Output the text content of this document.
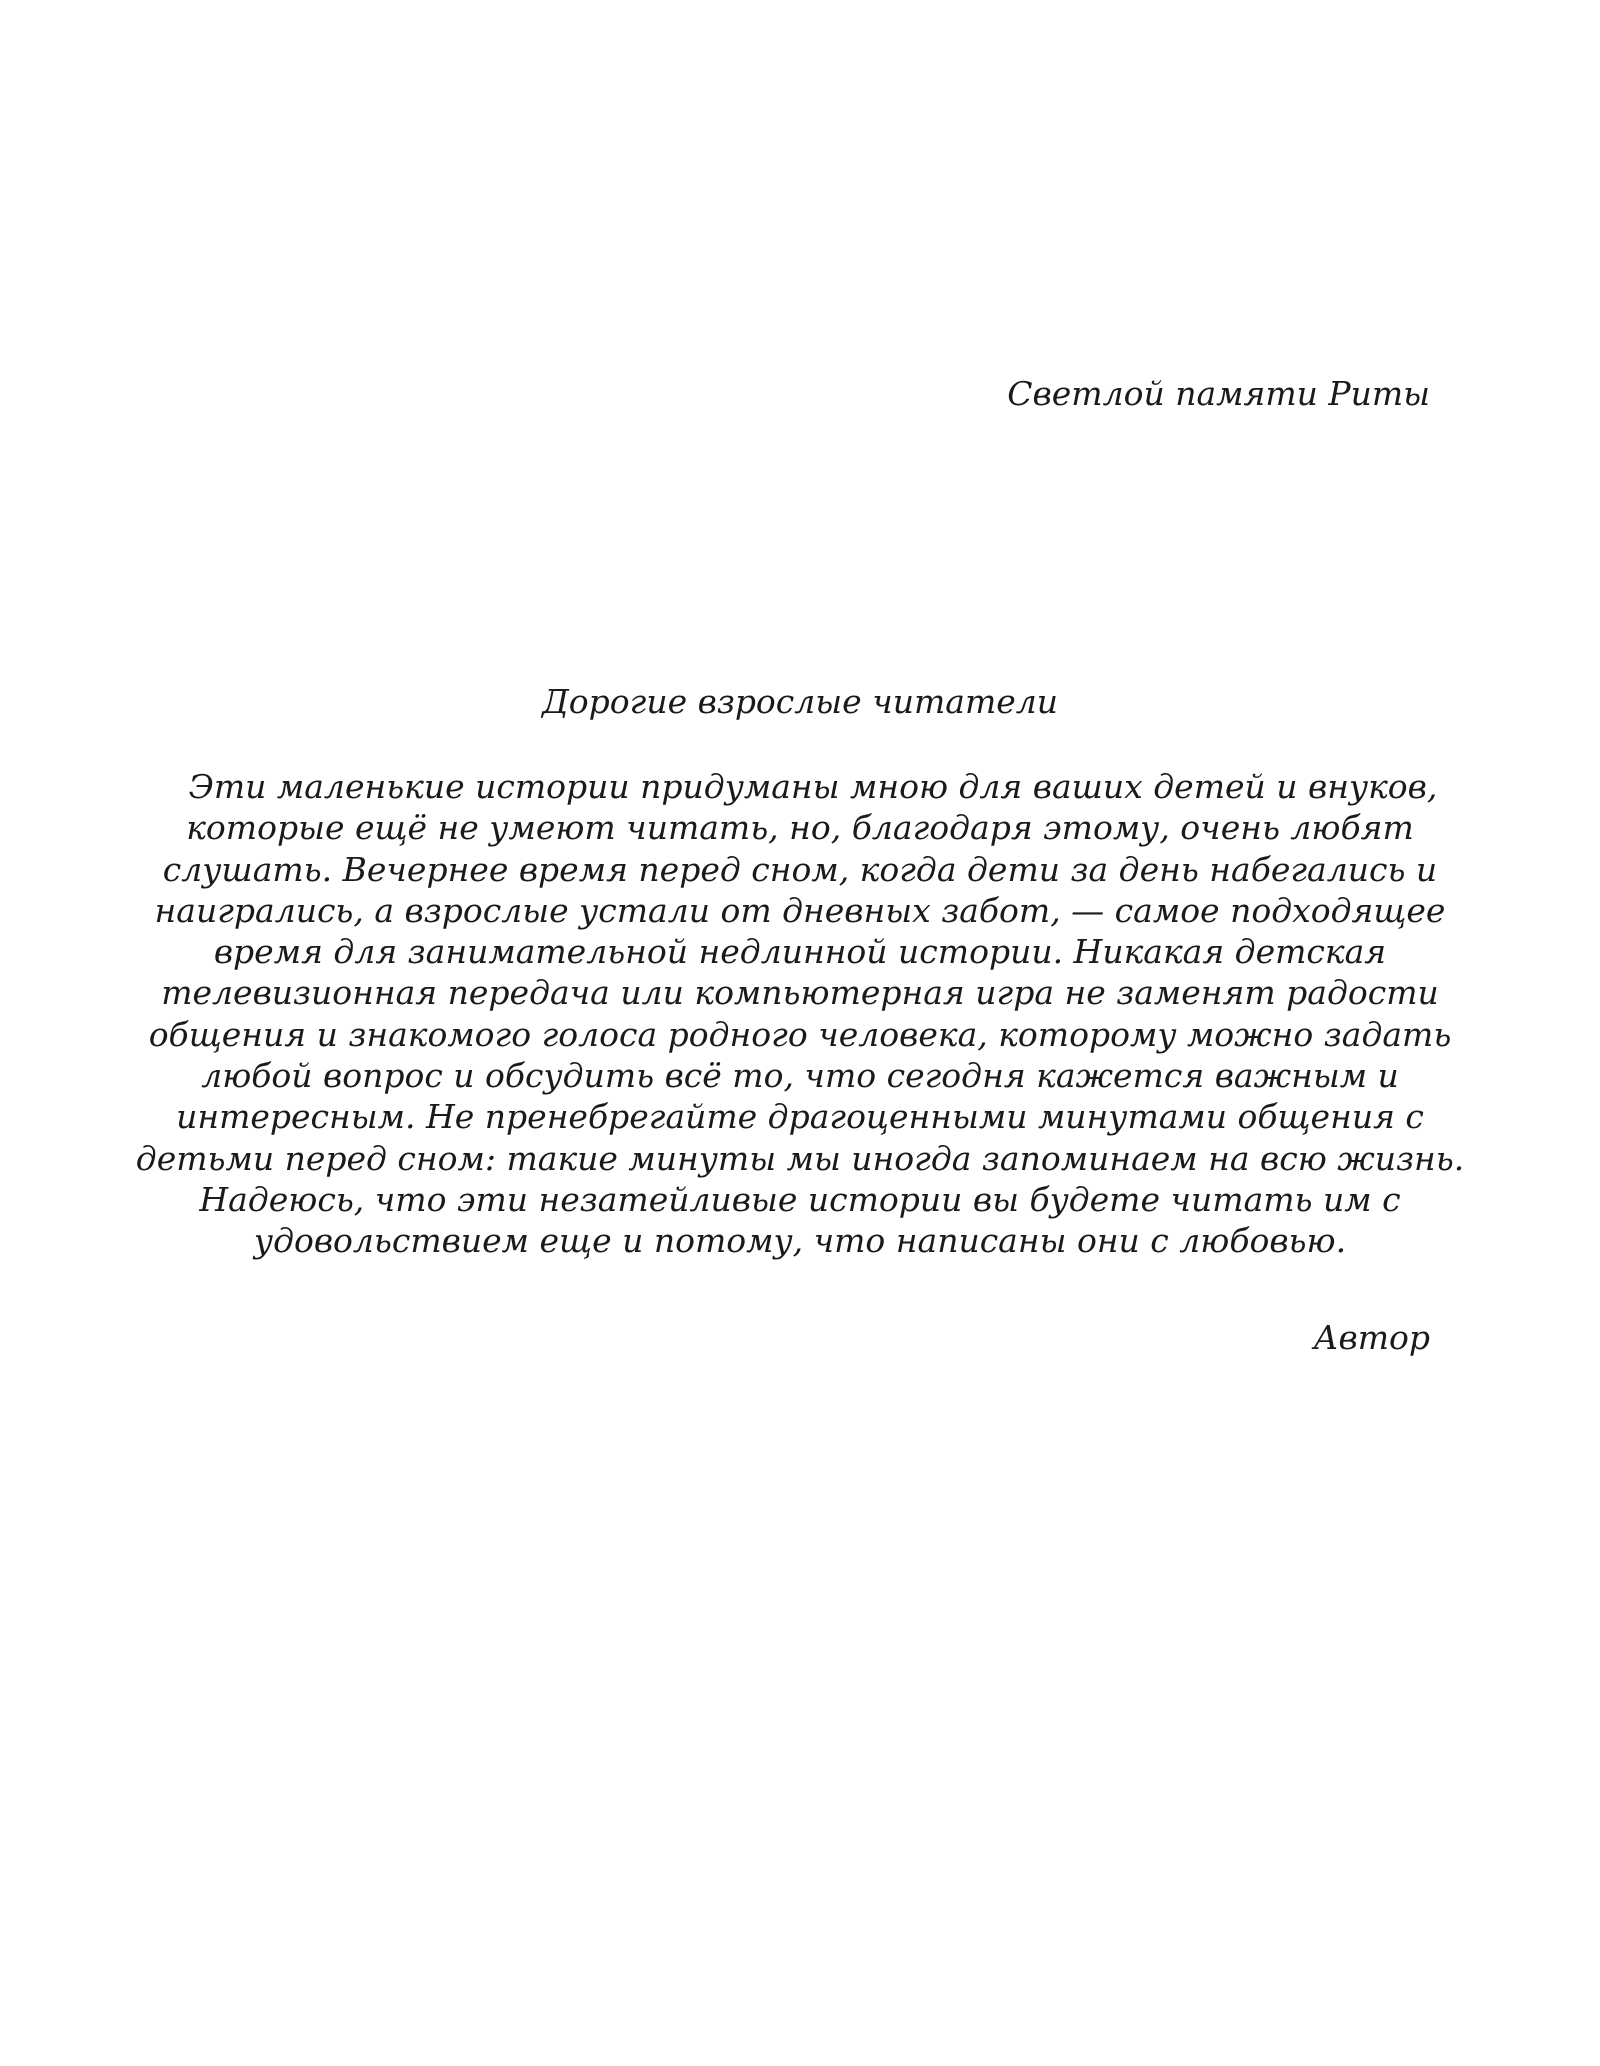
Светлой памяти Риты
Дорогие взрослые читатели
Эти маленькие истории придуманы мною для ваших детей и внуков,
которые ещё не умеют читать, но, благодаря этому, очень любят
слушать. Вечернее время перед сном, когда дети за день набегались и
наигрались, а взрослые устали от дневных забот, — самое подходящее
время для занимательной недлинной истории. Никакая детская
телевизионная передача или компьютерная игра не заменят радости
общения и знакомого голоса родного человека, которому можно задать
любой вопрос и обсудить всё то, что сегодня кажется важным и
интересным. Не пренебрегайте драгоценными минутами общения с
детьми перед сном: такие минуты мы иногда запоминаем на всю жизнь.
Надеюсь, что эти незатейливые истории вы будете читать им с
удовольствием еще и потому, что написаны они с любовью.
Автор
